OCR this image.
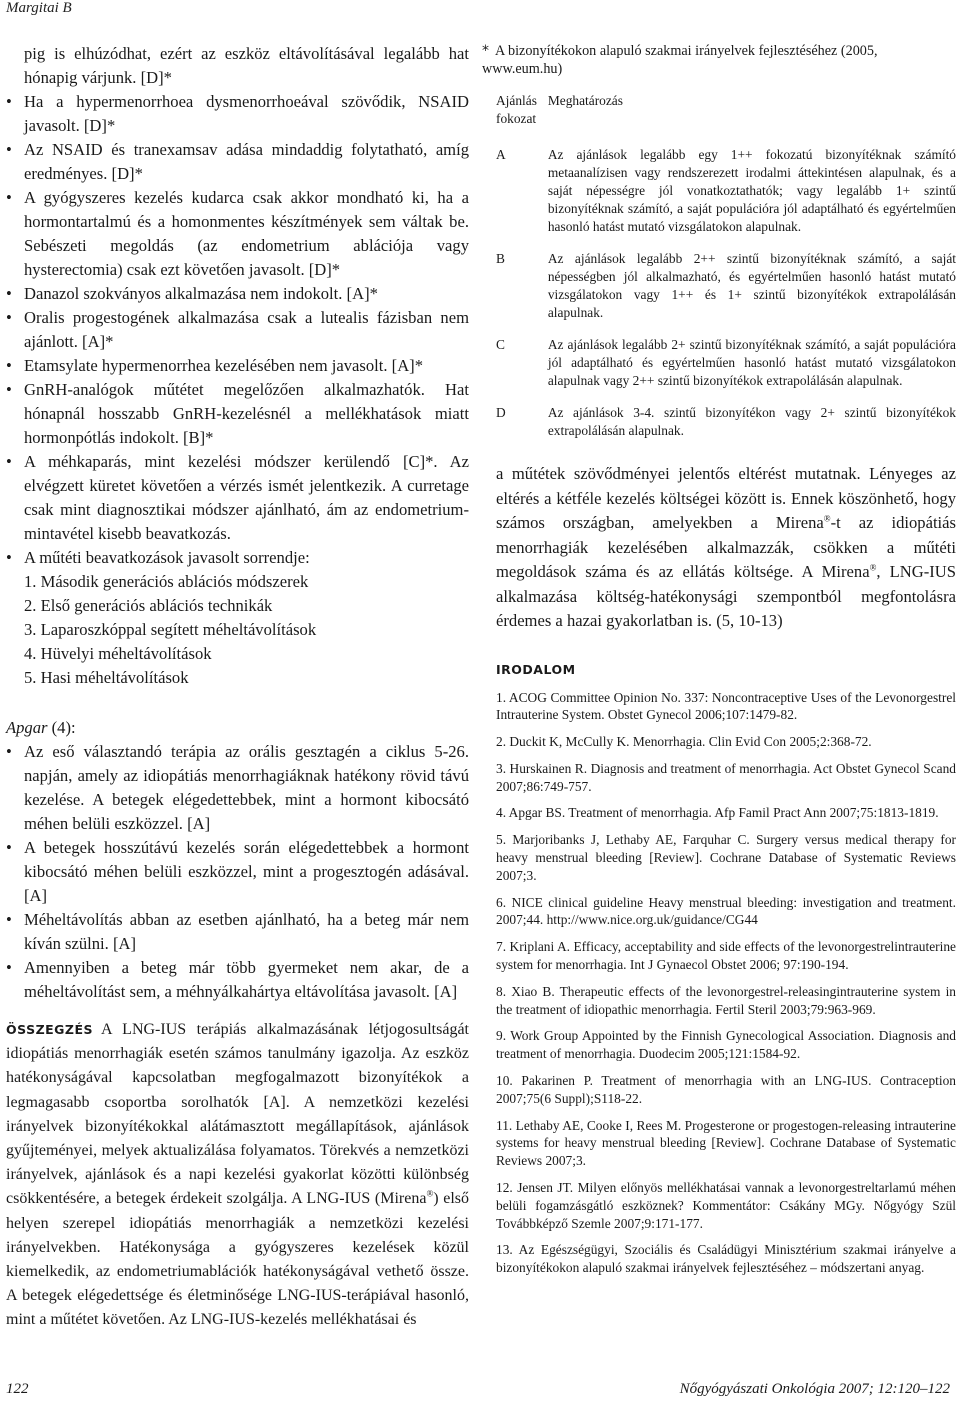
Margitai B

pig is elhúzódhat, ezért az eszköz eltávolításával legalább hat hónapig várjunk. [D]*

• Ha a hypermenorrhoea dysmenorrhoeával szövődik, NSAID javasolt. [D]*

• Az NSAID és tranexamsav adása mindaddig folytatható, amíg eredményes. [D]*

• A gyógyszeres kezelés kudarca csak akkor mondható ki, ha a hormontartalmú és a homonmentes készítmények sem váltak be. Sebészeti megoldás (az endometrium ablációja vagy hysterectomia) csak ezt követően javasolt. [D]*

• Danazol szokványos alkalmazása nem indokolt. [A]*

• Oralis progestogének alkalmazása csak a lutealis fázisban nem ajánlott. [A]*

• Etamsylate hypermenorrhea kezelésében nem javasolt. [A]*

• GnRH-analógok műtétet megelőzően alkalmazhatók. Hat hónapnál hosszabb GnRH-kezelésnél a mellékhatások miatt hormonpótlás indokolt. [B]*

• A méhkaparás, mint kezelési módszer kerülendő [C]*. Az elvégzett küretet követően a vérzés ismét jelentkezik. A curretage csak mint diagnosztikai módszer ajánlható, ám az endometrium-mintavétel kisebb beavatkozás.

• A műtéti beavatkozások javasolt sorrendje:

1. Második generációs ablációs módszerek

2. Első generációs ablációs technikák

3. Laparoszkóppal segített méheltávolítások

4. Hüvelyi méheltávolítások

5. Hasi méheltávolítások

Apgar (4):

• Az eső választandó terápia az orális gesztagén a ciklus 5-26. napján, amely az idiopátiás menorrhagiáknak hatékony rövid távú kezelése. A betegek elégedettebbek, mint a hormont kibocsátó méhen belüli eszközzel. [A]

• A betegek hosszútávú kezelés során elégedettebbek a hormont kibocsátó méhen belüli eszközzel, mint a progesztogén adásával. [A]

• Méheltávolítás abban az esetben ajánlható, ha a beteg már nem kíván szülni. [A]

• Amennyiben a beteg már több gyermeket nem akar, de a méheltávolítást sem, a méhnyálkahártya eltávolítása javasolt. [A]

ÖSSZEGZÉS A LNG-IUS terápiás alkalmazásának létjogosultságát idiopátiás menorrhagiák esetén számos tanulmány igazolja. Az eszköz hatékonyságával kapcsolatban megfogalmazott bizonyítékok a legmagasabb csoportba sorolhatók [A]. A nemzetközi kezelési irányelvek bizonyítékokkal alátámasztott megállapítások, ajánlások gyűjteményei, melyek aktualizálása folyamatos. Törekvés a nemzetközi irányelvek, ajánlások és a napi kezelési gyakorlat közötti különbség csökkentésére, a betegek érdekeit szolgálja. A LNG-IUS (Mirena®) első helyen szerepel idiopátiás menorrhagiák a nemzetközi kezelési irányelvekben. Hatékonysága a gyógyszeres kezelések közül kiemelkedik, az endometriumablációk hatékonyságával vethető össze. A betegek elégedettsége és életminősége LNG-IUS-terápiával hasonló, mint a műtétet követően. Az LNG-IUS-kezelés mellékhatásai és
* A bizonyítékokon alapuló szakmai irányelvek fejlesztéséhez (2005, www.eum.hu)
Ajánlás fokozat	Meghatározás
A	Az ajánlások legalább egy 1++ fokozatú bizonyítéknak számító metaanalízisen vagy rendszerezett irodalmi áttekintésen alapulnak, és a saját népességre jól vonatkoztathatók; vagy legalább 1+ szintű bizonyítéknak számító, a saját populációra jól adaptálható és egyértelműen hasonló hatást mutató vizsgálatokon alapulnak.
B	Az ajánlások legalább 2++ szintű bizonyítéknak számító, a saját népességben jól alkalmazható, és egyértelműen hasonló hatást mutató vizsgálatokon vagy 1++ és 1+ szintű bizonyítékok extrapolálásán alapulnak.
C	Az ajánlások legalább 2+ szintű bizonyítéknak számító, a saját populációra jól adaptálható és egyértelműen hasonló hatást mutató vizsgálatokon alapulnak vagy 2++ szintű bizonyítékok extrapolálásán alapulnak.
D	Az ajánlások 3-4. szintű bizonyítékon vagy 2+ szintű bizonyítékok extrapolálásán alapulnak.

a műtétek szövődményei jelentős eltérést mutatnak. Lényeges az eltérés a kétféle kezelés költségei között is. Ennek köszönhető, hogy számos országban, amelyekben a Mirena®-t az idiopátiás menorrhagiák kezelésében alkalmazzák, csökken a műtéti megoldások száma és az ellátás költsége. A Mirena®, LNG-IUS alkalmazása költség-hatékonysági szempontból megfontolásra érdemes a hazai gyakorlatban is. (5, 10-13)

IRODALOM

1. ACOG Committee Opinion No. 337: Noncontraceptive Uses of the Levonorgestrel Intrauterine System. Obstet Gynecol 2006;107:1479-82.

2. Duckit K, McCully K. Menorrhagia. Clin Evid Con 2005;2:368-72.

3. Hurskainen R. Diagnosis and treatment of menorrhagia. Act Obstet Gynecol Scand 2007;86:749-757.

4. Apgar BS. Treatment of menorrhagia. Afp Famil Pract Ann 2007;75:1813-1819.

5. Marjoribanks J, Lethaby AE, Farquhar C. Surgery versus medical therapy for heavy menstrual bleeding [Review]. Cochrane Database of Systematic Reviews 2007;3.

6. NICE clinical guideline Heavy menstrual bleeding: investigation and treatment. 2007;44. http://www.nice.org.uk/guidance/CG44

7. Kriplani A. Efficacy, acceptability and side effects of the levonorgestrelintrauterine system for menorrhagia. Int J Gynaecol Obstet 2006; 97:190-194.

8. Xiao B. Therapeutic effects of the levonorgestrel-releasingintrauterine system in the treatment of idiopathic menorrhagia. Fertil Steril 2003;79:963-969.

9. Work Group Appointed by the Finnish Gynecological Association. Diagnosis and treatment of menorrhagia. Duodecim 2005;121:1584-92.

10. Pakarinen P. Treatment of menorrhagia with an LNG-IUS. Contraception 2007;75(6 Suppl);S118-22.

11. Lethaby AE, Cooke I, Rees M. Progesterone or progestogen-releasing intrauterine systems for heavy menstrual bleeding [Review]. Cochrane Database of Systematic Reviews 2007;3.

12. Jensen JT. Milyen előnyös mellékhatásai vannak a levonorgestreltarlamú méhen belüli fogamzásgátló eszköznek? Kommentátor: Csákány MGy. Nőgyógy Szül Továbbképző Szemle 2007;9:171-177.

13. Az Egészségügyi, Szociális és Családügyi Minisztérium szakmai irányelve a bizonyítékokon alapuló szakmai irányelvek fejlesztéséhez – módszertani anyag.

122	Nőgyógyászati Onkológia 2007; 12:120–122
